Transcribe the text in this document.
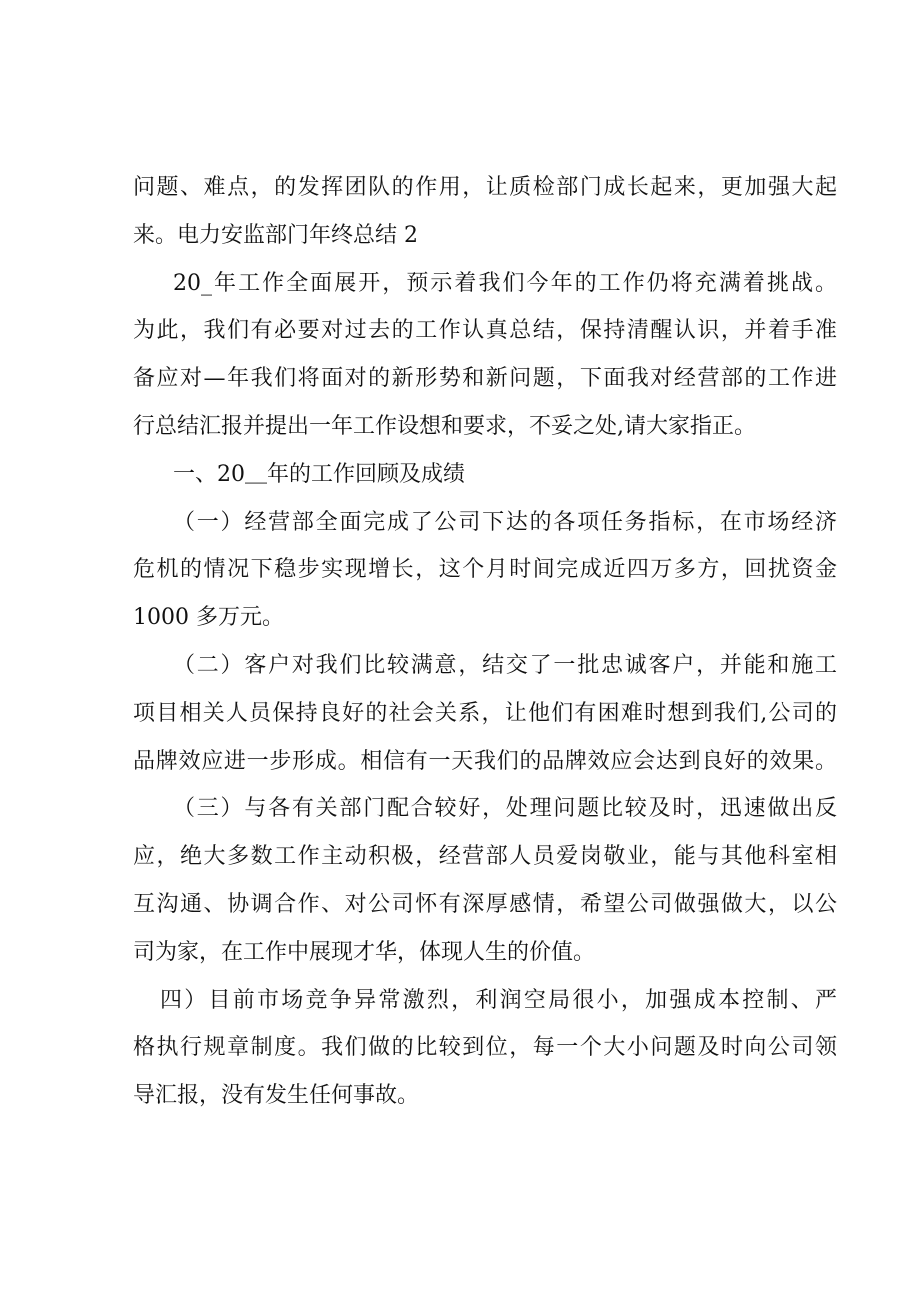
问题、难点，的发挥团队的作用，让质检部门成长起来，更加强大起
来。电力安监部门年终总结 2
20_年工作全面展开，预示着我们今年的工作仍将充满着挑战。
为此，我们有必要对过去的工作认真总结，保持清醒认识，并着手准
备应对—年我们将面对的新形势和新问题，下面我对经营部的工作进
行总结汇报并提出一年工作设想和要求，不妥之处,请大家指正。
一、20＿年的工作回顾及成绩
（一）经营部全面完成了公司下达的各项任务指标，在市场经济
危机的情况下稳步实现增长，这个月时间完成近四万多方，回扰资金
1000 多万元。
（二）客户对我们比较满意，结交了一批忠诚客户，并能和施工
项目相关人员保持良好的社会关系，让他们有困难时想到我们,公司的
品牌效应进一步形成。相信有一天我们的品牌效应会达到良好的效果。
（三）与各有关部门配合较好，处理问题比较及时，迅速做出反
应，绝大多数工作主动积极，经营部人员爱岗敬业，能与其他科室相
互沟通、协调合作、对公司怀有深厚感情，希望公司做强做大，以公
司为家，在工作中展现才华，体现人生的价值。
四）目前市场竞争异常激烈，利润空局很小，加强成本控制、严
格执行规章制度。我们做的比较到位，每一个大小问题及时向公司领
导汇报，没有发生任何事故。
